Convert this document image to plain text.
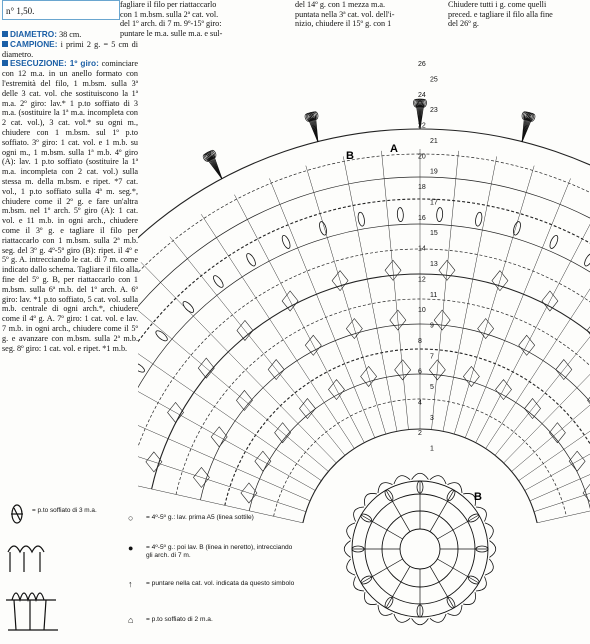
n° 1,50.
fagliare il filo per riattaccarlo
con 1 m.bsm. sulla 2ª cat. vol.
del 1º arch. di 7 m. 9º-15º giro:
puntare le m.a. sulle m.a. e sul-
del 14º g. con 1 mezza m.a.
puntata nella 3ª cat. vol. dell'i-
nizio, chiudere il 15º g. con 1
Chiudere tutti i g. come quelli
preced. e tagliare il filo alla fine
del 26º g.

DIAMETRO: 38 cm.

CAMPIONE: i primi 2 g. = 5 cm di diametro.

ESECUZIONE: 1º giro: cominciare con 12 m.a. in un anello formato con l'estremità del filo, 1 m.bsm. sulla 3ª delle 3 cat. vol. che sostituiscono la 1ª m.a. 2º giro: lav.* 1 p.to soffiato di 3 m.a. (sostituire la 1ª m.a. incompleta con 2 cat. vol.), 3 cat. vol.* su ogni m., chiudere con 1 m.bsm. sul 1º p.to soffiato. 3º giro: 1 cat. vol. e 1 m.b. su ogni m., 1 m.bsm. sulla 1ª m.b. 4º giro (A): lav. 1 p.to soffiato (sostituire la 1ª m.a. incompleta con 2 cat. vol.) sulla stessa m. della m.bsm. e ripet. *7 cat. vol., 1 p.to soffiato sulla 4ª m. seg.*, chiudere come il 2º g. e fare un'altra m.bsm. nel 1º arch. 5º giro (A): 1 cat. vol. e 11 m.b. in ogni arch., chiudere come il 3º g. e tagliare il filo per riattaccarlo con 1 m.bsm. sulla 2ª m.b. seg. del 3º g. 4º-5º giro (B): ripet. il 4º e 5º g. A. intrecciando le cat. di 7 m. come indicato dallo schema. Tagliare il filo alla fine del 5º g. B, per riattaccarlo con 1 m.bsm. sulla 6ª m.b. del 1º arch. A. 6º giro: lav. *1 p.to soffiato, 5 cat. vol. sulla m.b. centrale di ogni arch.*, chiudere come il 4º g. A. 7º giro: 1 cat. vol. e lav. 7 m.b. in ogni arch., chiudere come il 5º g. e avanzare con m.bsm. sulla 2ª m.b. seg. 8º giro: 1 cat. vol. e ripet. *1 m.b.

26
25
24
23
22
21
20
19
18
17
16
15
14
13
12
11
10
9
8
7
6
5
4
3
2
1
A
B
B
= p.to soffiato di 3 m.a.
○	= 4º-5º g.: lav. prima A5 (linea sottile)
●	= 4º-5º g.: poi lav. B (linea in neretto), intrecciando gli arch. di 7 m.
↑	= puntare nella cat. vol. indicata da questo simbolo
⌂	= p.to soffiato di 2 m.a.
